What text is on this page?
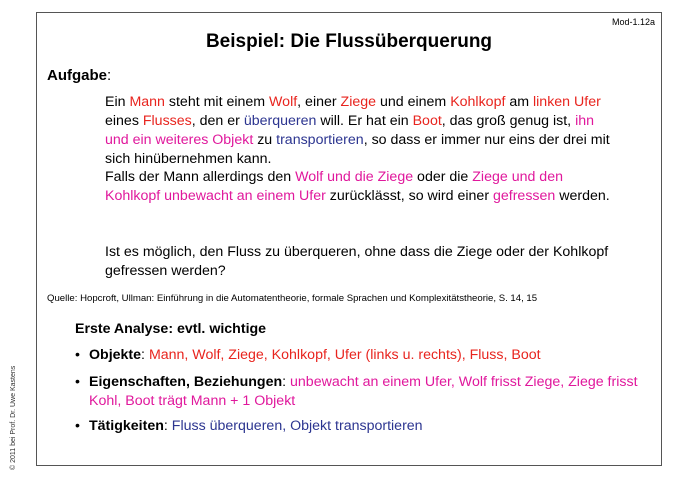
Mod-1.12a
Beispiel: Die Flussüberquerung
Aufgabe:
Ein Mann steht mit einem Wolf, einer Ziege und einem Kohlkopf am linken Ufer eines Flusses, den er überqueren will. Er hat ein Boot, das groß genug ist, ihn und ein weiteres Objekt zu transportieren, so dass er immer nur eins der drei mit sich hinübernehmen kann.
Falls der Mann allerdings den Wolf und die Ziege oder die Ziege und den Kohlkopf unbewacht an einem Ufer zurücklässt, so wird einer gefressen werden.
Ist es möglich, den Fluss zu überqueren, ohne dass die Ziege oder der Kohlkopf gefressen werden?
Quelle: Hopcroft, Ullman: Einführung in die Automatentheorie, formale Sprachen und Komplexitätstheorie, S. 14, 15
Erste Analyse: evtl. wichtige
• Objekte: Mann, Wolf, Ziege, Kohlkopf, Ufer (links u. rechts), Fluss, Boot
• Eigenschaften, Beziehungen: unbewacht an einem Ufer, Wolf frisst Ziege, Ziege frisst Kohl, Boot trägt Mann + 1 Objekt
• Tätigkeiten: Fluss überqueren, Objekt transportieren
© 2011 bei Prof. Dr. Uwe Kastens
